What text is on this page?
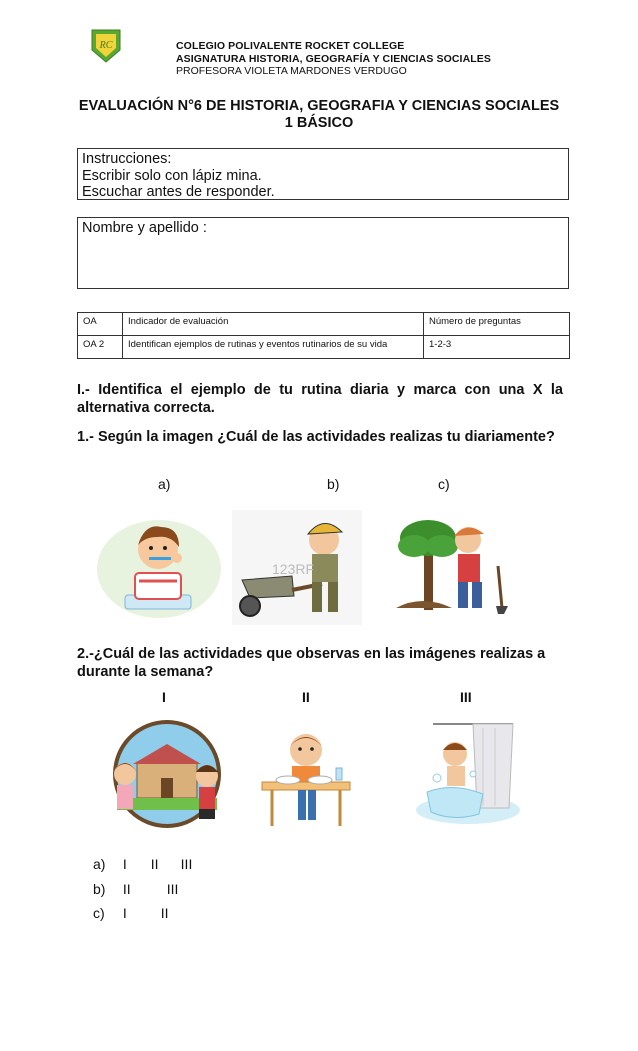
RC	COLEGIO POLIVALENTE ROCKET COLLEGE
ASIGNATURA HISTORIA, GEOGRAFÍA Y CIENCIAS SOCIALES
PROFESORA VIOLETA MARDONES VERDUGO
EVALUACIÓN N°6 DE HISTORIA, GEOGRAFIA Y CIENCIAS SOCIALES
1 BÁSICO
Instrucciones:
Escribir solo con lápiz mina.
Escuchar antes de responder.
Nombre y apellido :
OA	Indicador de evaluación	Número de preguntas
OA 2	Identifican ejemplos de rutinas y eventos rutinarios de su vida	1-2-3
I.- Identifica el ejemplo de tu rutina diaria y marca con una X la alternativa correcta.
1.- Según la imagen ¿Cuál de las actividades realizas tu diariamente?
a)	b)	c)
123RF
2.-¿Cuál de las actividades que observas en las imágenes realizas a durante la semana?
I	II	III
a) I II III
b) II	III
c) I II
